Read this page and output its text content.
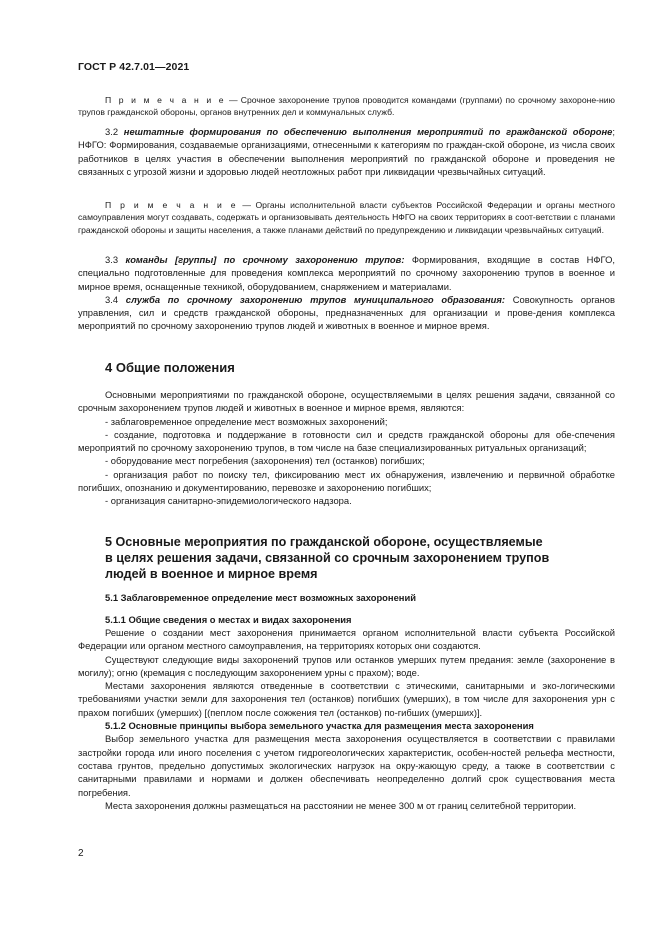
ГОСТ Р 42.7.01—2021

П р и м е ч а н и е — Срочное захоронение трупов проводится командами (группами) по срочному захороне-нию трупов гражданской обороны, органов внутренних дел и коммунальных служб.

3.2 нештатные формирования по обеспечению выполнения мероприятий по гражданской обороне; НФГО: Формирования, создаваемые организациями, отнесенными к категориям по граждан-ской обороне, из числа своих работников в целях участия в обеспечении выполнения мероприятий по гражданской обороне и проведения не связанных с угрозой жизни и здоровью людей неотложных работ при ликвидации чрезвычайных ситуаций.

П р и м е ч а н и е — Органы исполнительной власти субъектов Российской Федерации и органы местного самоуправления могут создавать, содержать и организовывать деятельность НФГО на своих территориях в соот-ветствии с планами гражданской обороны и защиты населения, а также планами действий по предупреждению и ликвидации чрезвычайных ситуаций.

3.3 команды [группы] по срочному захоронению трупов: Формирования, входящие в состав НФГО, специально подготовленные для проведения комплекса мероприятий по срочному захоронению трупов в военное и мирное время, оснащенные техникой, оборудованием, снаряжением и материалами.

3.4 служба по срочному захоронению трупов муниципального образования: Совокупность органов управления, сил и средств гражданской обороны, предназначенных для организации и прове-дения комплекса мероприятий по срочному захоронению трупов людей и животных в военное и мирное время.

4 Общие положения

Основными мероприятиями по гражданской обороне, осуществляемыми в целях решения задачи, связанной со срочным захоронением трупов людей и животных в военное и мирное время, являются:

- заблаговременное определение мест возможных захоронений;

- создание, подготовка и поддержание в готовности сил и средств гражданской обороны для обе-спечения мероприятий по срочному захоронению трупов, в том числе на базе специализированных ритуальных организаций;

- оборудование мест погребения (захоронения) тел (останков) погибших;

- организация работ по поиску тел, фиксированию мест их обнаружения, извлечению и первичной обработке погибших, опознанию и документированию, перевозке и захоронению погибших;

- организация санитарно-эпидемиологического надзора.

5 Основные мероприятия по гражданской обороне, осуществляемые

в целях решения задачи, связанной со срочным захоронением трупов

людей в военное и мирное время

5.1 Заблаговременное определение мест возможных захоронений

5.1.1 Общие сведения о местах и видах захоронения

Решение о создании мест захоронения принимается органом исполнительной власти субъекта Российской Федерации или органом местного самоуправления, на территориях которых они создаются.

Существуют следующие виды захоронений трупов или останков умерших путем предания: земле (захоронение в могилу); огню (кремация с последующим захоронением урны с прахом); воде.

Местами захоронения являются отведенные в соответствии с этическими, санитарными и эко-логическими требованиями участки земли для захоронения тел (останков) погибших (умерших), в том числе для захоронения урн с прахом погибших (умерших) [(пеплом после сожжения тел (останков) по-гибших (умерших)].

5.1.2 Основные принципы выбора земельного участка для размещения места захоронения

Выбор земельного участка для размещения места захоронения осуществляется в соответствии с правилами застройки города или иного поселения с учетом гидрогеологических характеристик, особен-ностей рельефа местности, состава грунтов, предельно допустимых экологических нагрузок на окру-жающую среду, а также в соответствии с санитарными правилами и нормами и должен обеспечивать неопределенно долгий срок существования места погребения.

Места захоронения должны размещаться на расстоянии не менее 300 м от границ селитебной территории.

2
